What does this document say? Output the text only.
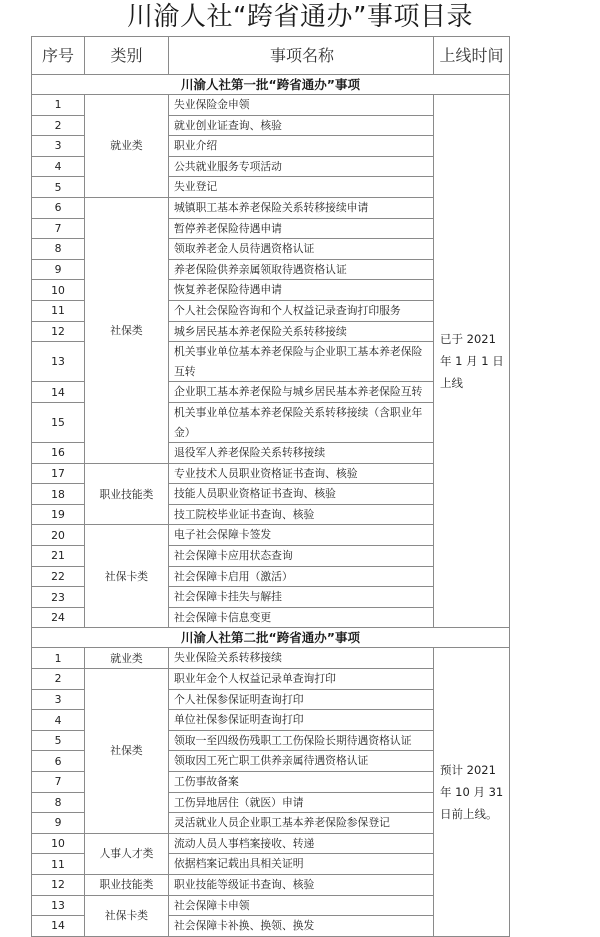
川渝人社“跨省通办”事项目录
序号	类别	事项名称	上线时间
川渝人社第一批“跨省通办”事项			
1	就业类	失业保险金申领	已于 2021 年 1 月 1 日上线
2		就业创业证查询、核验	
3		职业介绍	
4		公共就业服务专项活动	
5		失业登记	
6	社保类	城镇职工基本养老保险关系转移接续申请	
7		暂停养老保险待遇申请	
8		领取养老金人员待遇资格认证	
9		养老保险供养亲属领取待遇资格认证	
10		恢复养老保险待遇申请	
11		个人社会保险咨询和个人权益记录查询打印服务	
12		城乡居民基本养老保险关系转移接续	
13		机关事业单位基本养老保险与企业职工基本养老保险互转	
14		企业职工基本养老保险与城乡居民基本养老保险互转	
15		机关事业单位基本养老保险关系转移接续（含职业年金）	
16		退役军人养老保险关系转移接续	
17	职业技能类	专业技术人员职业资格证书查询、核验	
18		技能人员职业资格证书查询、核验	
19		技工院校毕业证书查询、核验	
20	社保卡类	电子社会保障卡签发	
21		社会保障卡应用状态查询	
22		社会保障卡启用（激活）	
23		社会保障卡挂失与解挂	
24		社会保障卡信息变更	
川渝人社第二批“跨省通办”事项			
1	就业类	失业保险关系转移接续	预计 2021 年 10 月 31 日前上线。
2	社保类	职业年金个人权益记录单查询打印	
3		个人社保参保证明查询打印	
4		单位社保参保证明查询打印	
5		领取一至四级伤残职工工伤保险长期待遇资格认证	
6		领取因工死亡职工供养亲属待遇资格认证	
7		工伤事故备案	
8		工伤异地居住（就医）申请	
9		灵活就业人员企业职工基本养老保险参保登记	
10	人事人才类	流动人员人事档案接收、转递	
11		依据档案记载出具相关证明	
12	职业技能类	职业技能等级证书查询、核验	
13	社保卡类	社会保障卡申领	
14		社会保障卡补换、换领、换发	
